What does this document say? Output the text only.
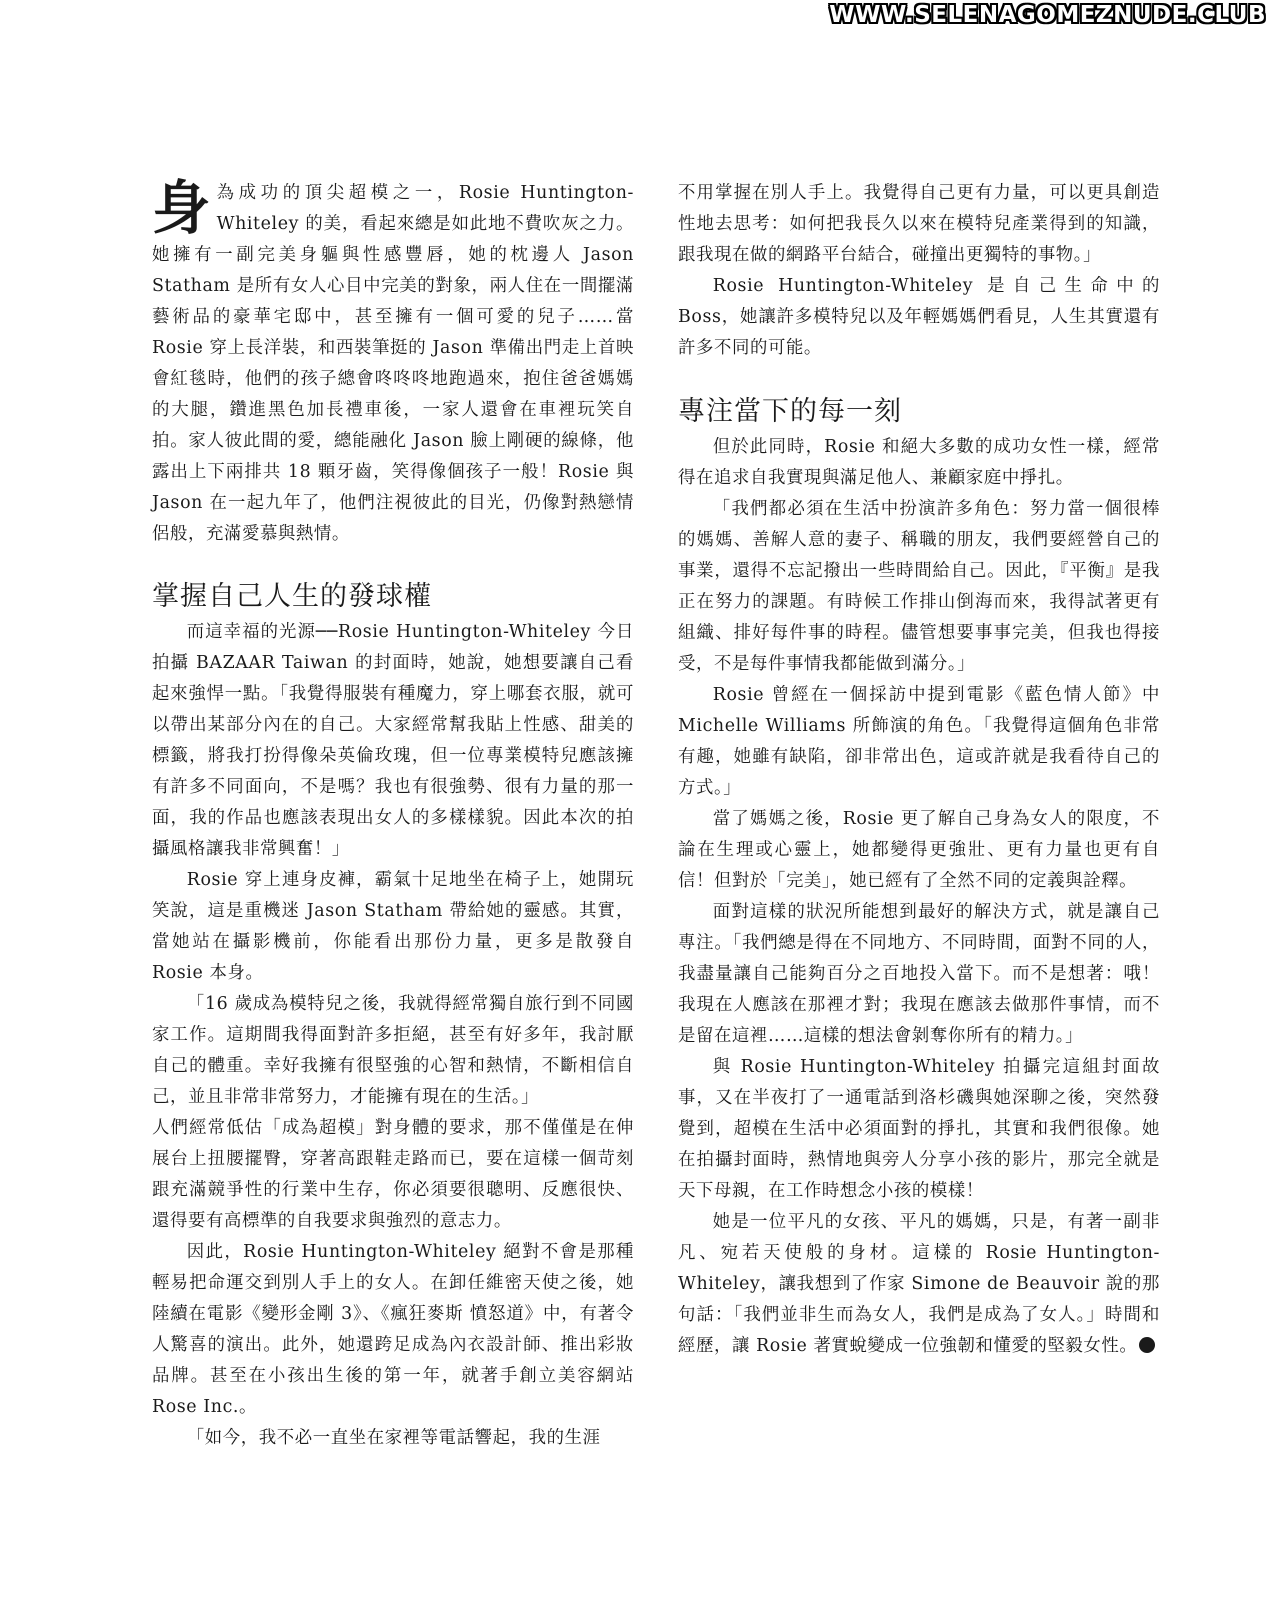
WWW.SELENAGOMEZNUDE.CLUB

身為成功的頂尖超模之一，Rosie Huntington-Whiteley 的美，看起來總是如此地不費吹灰之力。她擁有一副完美身軀與性感豐唇，她的枕邊人 Jason Statham 是所有女人心目中完美的對象，兩人住在一間擺滿藝術品的豪華宅邸中，甚至擁有一個可愛的兒子……當 Rosie 穿上長洋裝，和西裝筆挺的 Jason 準備出門走上首映會紅毯時，他們的孩子總會咚咚咚地跑過來，抱住爸爸媽媽的大腿，鑽進黑色加長禮車後，一家人還會在車裡玩笑自拍。家人彼此間的愛，總能融化 Jason 臉上剛硬的線條，他露出上下兩排共 18 顆牙齒，笑得像個孩子一般！Rosie 與 Jason 在一起九年了，他們注視彼此的目光，仍像對熱戀情侶般，充滿愛慕與熱情。

掌握自己人生的發球權

而這幸福的光源──Rosie Huntington-Whiteley 今日拍攝 BAZAAR Taiwan 的封面時，她說，她想要讓自己看起來強悍一點。「我覺得服裝有種魔力，穿上哪套衣服，就可以帶出某部分內在的自己。大家經常幫我貼上性感、甜美的標籤，將我打扮得像朵英倫玫瑰，但一位專業模特兒應該擁有許多不同面向，不是嗎？我也有很強勢、很有力量的那一面，我的作品也應該表現出女人的多樣樣貌。因此本次的拍攝風格讓我非常興奮！」

Rosie 穿上連身皮褲，霸氣十足地坐在椅子上，她開玩笑說，這是重機迷 Jason Statham 帶給她的靈感。其實，當她站在攝影機前，你能看出那份力量，更多是散發自 Rosie 本身。

「16 歲成為模特兒之後，我就得經常獨自旅行到不同國家工作。這期間我得面對許多拒絕，甚至有好多年，我討厭自己的體重。幸好我擁有很堅強的心智和熱情，不斷相信自己，並且非常非常努力，才能擁有現在的生活。」

人們經常低估「成為超模」對身體的要求，那不僅僅是在伸展台上扭腰擺臀，穿著高跟鞋走路而已，要在這樣一個苛刻跟充滿競爭性的行業中生存，你必須要很聰明、反應很快、還得要有高標準的自我要求與強烈的意志力。

因此，Rosie Huntington-Whiteley 絕對不會是那種輕易把命運交到別人手上的女人。在卸任維密天使之後，她陸續在電影《變形金剛 3》、《瘋狂麥斯 憤怒道》中，有著令人驚喜的演出。此外，她還跨足成為內衣設計師、推出彩妝品牌。甚至在小孩出生後的第一年，就著手創立美容網站 Rose Inc.。

「如今，我不必一直坐在家裡等電話響起，我的生涯

不用掌握在別人手上。我覺得自己更有力量，可以更具創造性地去思考：如何把我長久以來在模特兒產業得到的知識，跟我現在做的網路平台結合，碰撞出更獨特的事物。」

Rosie Huntington-Whiteley 是自己生命中的 Boss，她讓許多模特兒以及年輕媽媽們看見，人生其實還有許多不同的可能。

專注當下的每一刻

但於此同時，Rosie 和絕大多數的成功女性一樣，經常得在追求自我實現與滿足他人、兼顧家庭中掙扎。

「我們都必須在生活中扮演許多角色：努力當一個很棒的媽媽、善解人意的妻子、稱職的朋友，我們要經營自己的事業，還得不忘記撥出一些時間給自己。因此，『平衡』是我正在努力的課題。有時候工作排山倒海而來，我得試著更有組織、排好每件事的時程。儘管想要事事完美，但我也得接受，不是每件事情我都能做到滿分。」

Rosie 曾經在一個採訪中提到電影《藍色情人節》中 Michelle Williams 所飾演的角色。「我覺得這個角色非常有趣，她雖有缺陷，卻非常出色，這或許就是我看待自己的方式。」

當了媽媽之後，Rosie 更了解自己身為女人的限度，不論在生理或心靈上，她都變得更強壯、更有力量也更有自信！但對於「完美」，她已經有了全然不同的定義與詮釋。

面對這樣的狀況所能想到最好的解決方式，就是讓自己專注。「我們總是得在不同地方、不同時間，面對不同的人，我盡量讓自己能夠百分之百地投入當下。而不是想著：哦！我現在人應該在那裡才對；我現在應該去做那件事情，而不是留在這裡……這樣的想法會剝奪你所有的精力。」

與 Rosie Huntington-Whiteley 拍攝完這組封面故事，又在半夜打了一通電話到洛杉磯與她深聊之後，突然發覺到，超模在生活中必須面對的掙扎，其實和我們很像。她在拍攝封面時，熱情地與旁人分享小孩的影片，那完全就是天下母親，在工作時想念小孩的模樣！

她是一位平凡的女孩、平凡的媽媽，只是，有著一副非凡、宛若天使般的身材。這樣的 Rosie Huntington-Whiteley，讓我想到了作家 Simone de Beauvoir 說的那句話：「我們並非生而為女人，我們是成為了女人。」時間和經歷，讓 Rosie 著實蛻變成一位強韌和懂愛的堅毅女性。
